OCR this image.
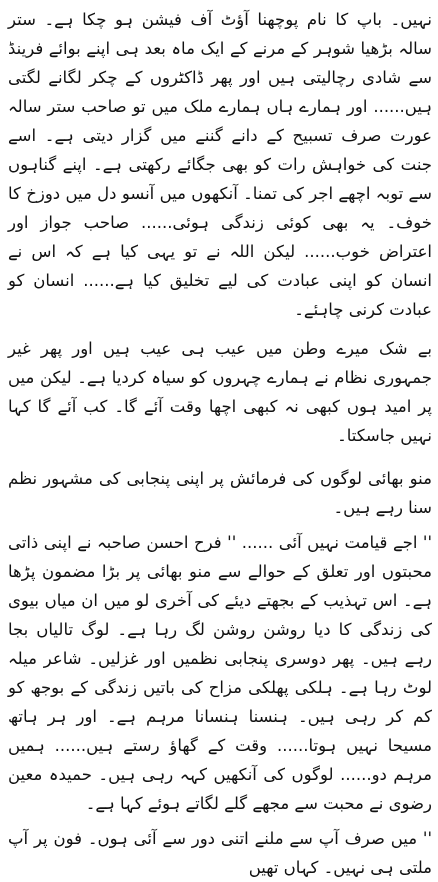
نہیں۔ باپ کا نام پوچھنا آؤٹ آف فیشن ہو چکا ہے۔ ستر سالہ بڑھیا شوہر کے مرنے کے ایک ماہ بعد ہی اپنے بوائے فرینڈ سے شادی رچالیتی ہیں اور پھر ڈاکٹروں کے چکر لگانے لگتی ہیں...... اور ہمارے ہاں ہمارے ملک میں تو صاحب ستر سالہ عورت صرف تسبیح کے دانے گننے میں گزار دیتی ہے۔ اسے جنت کی خواہش رات کو بھی جگائے رکھتی ہے۔ اپنے گناہوں سے توبہ اچھے اجر کی تمنا۔ آنکھوں میں آنسو دل میں دوزخ کا خوف۔ یہ بھی کوئی زندگی ہوئی...... صاحب جواز اور اعتراض خوب...... لیکن اللہ نے تو یہی کیا ہے کہ اس نے انسان کو اپنی عبادت کی لیے تخلیق کیا ہے...... انسان کو عبادت کرنی چاہئے۔

بے شک میرے وطن میں عیب ہی عیب ہیں اور پھر غیر جمہوری نظام نے ہمارے چہروں کو سیاہ کردیا ہے۔ لیکن میں پر امید ہوں کبھی نہ کبھی اچھا وقت آئے گا۔ کب آئے گا کہا نہیں جاسکتا۔

منو بھائی لوگوں کی فرمائش پر اپنی پنجابی کی مشہور نظم سنا رہے ہیں۔

'' اجے قیامت نہیں آئی ...... '' فرح احسن صاحبہ نے اپنی ذاتی محبتوں اور تعلق کے حوالے سے منو بھائی پر بڑا مضمون پڑھا ہے۔ اس تہذیب کے بجھتے دیئے کی آخری لو میں ان میاں بیوی کی زندگی کا دیا روشن روشن لگ رہا ہے۔ لوگ تالیاں بجا رہے ہیں۔ پھر دوسری پنجابی نظمیں اور غزلیں۔ شاعر میلہ لوٹ رہا ہے۔ ہلکی پھلکی مزاح کی باتیں زندگی کے بوجھ کو کم کر رہی ہیں۔ ہنسنا ہنسانا مرہم ہے۔ اور ہر ہاتھ مسیحا نہیں ہوتا...... وقت کے گھاؤ رستے ہیں...... ہمیں مرہم دو...... لوگوں کی آنکھیں کہہ رہی ہیں۔ حمیدہ معین رضوی نے محبت سے مجھے گلے لگاتے ہوئے کہا ہے۔

'' میں صرف آپ سے ملنے اتنی دور سے آئی ہوں۔ فون پر آپ ملتی ہی نہیں۔ کہاں تھیں
